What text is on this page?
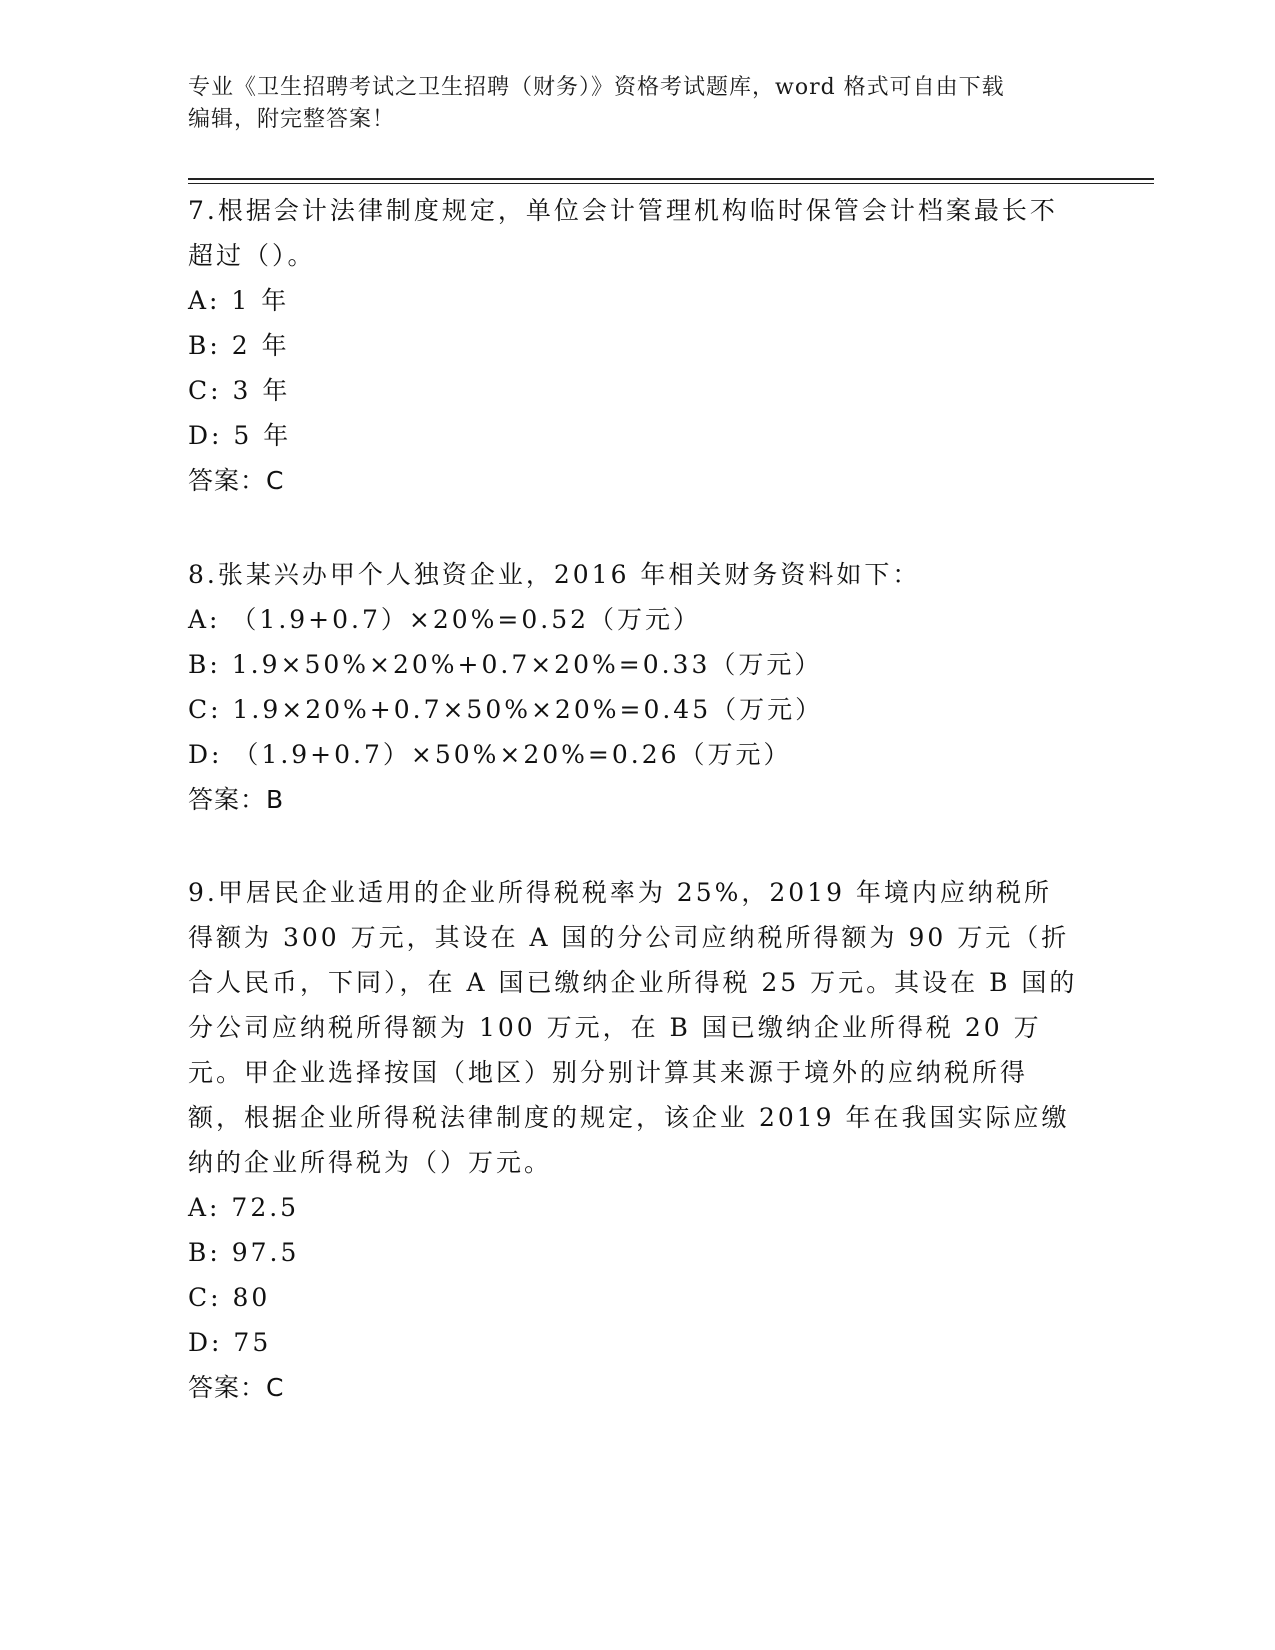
专业《卫生招聘考试之卫生招聘（财务）》资格考试题库，word 格式可自由下载
编辑，附完整答案！
7.根据会计法律制度规定，单位会计管理机构临时保管会计档案最长不超过（）。
A: 1 年
B: 2 年
C: 3 年
D: 5 年
答案：C
8.张某兴办甲个人独资企业，2016 年相关财务资料如下：
A: （1.9+0.7）×20%=0.52（万元）
B: 1.9×50%×20%+0.7×20%=0.33（万元）
C: 1.9×20%+0.7×50%×20%=0.45（万元）
D: （1.9+0.7）×50%×20%=0.26（万元）
答案：B
9.甲居民企业适用的企业所得税税率为 25%，2019 年境内应纳税所得额为 300 万元，其设在 A 国的分公司应纳税所得额为 90 万元（折合人民币，下同），在 A 国已缴纳企业所得税 25 万元。其设在 B 国的分公司应纳税所得额为 100 万元，在 B 国已缴纳企业所得税 20 万元。甲企业选择按国（地区）别分别计算其来源于境外的应纳税所得额，根据企业所得税法律制度的规定，该企业 2019 年在我国实际应缴纳的企业所得税为（）万元。
A: 72.5
B: 97.5
C: 80
D: 75
答案：C
